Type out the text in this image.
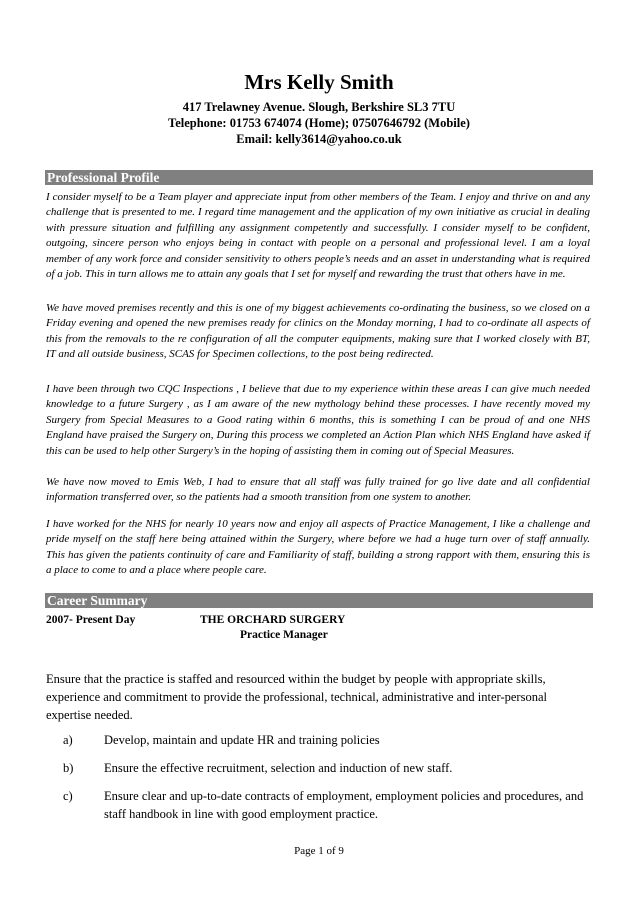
Mrs Kelly Smith
417 Trelawney Avenue. Slough, Berkshire SL3 7TU
Telephone: 01753 674074 (Home); 07507646792 (Mobile)
Email: kelly3614@yahoo.co.uk
Professional Profile

I consider myself to be a Team player and appreciate input from other members of the Team. I enjoy and thrive on and any challenge that is presented to me. I regard time management and the application of my own initiative as crucial in dealing with pressure situation and fulfilling any assignment competently and successfully. I consider myself to be confident, outgoing, sincere person who enjoys being in contact with people on a personal and professional level. I am a loyal member of any work force and consider sensitivity to others people’s needs and an asset in understanding what is required of a job. This in turn allows me to attain any goals that I set for myself and rewarding the trust that others have in me.

We have moved premises recently and this is one of my biggest achievements co-ordinating the business, so we closed on a Friday evening and opened the new premises ready for clinics on the Monday morning, I had to co-ordinate all aspects of this from the removals to the re configuration of all the computer equipments, making sure that I worked closely with BT, IT and all outside business, SCAS for Specimen collections, to the post being redirected.

I have been through two CQC Inspections , I believe that due to my experience within these areas I can give much needed knowledge to a future Surgery , as I am aware of the new mythology behind these processes. I have recently moved my Surgery from Special Measures to a Good rating within 6 months, this is something I can be proud of and one NHS England have praised the Surgery on, During this process we completed an Action Plan which NHS England have asked if this can be used to help other Surgery’s in the hoping of assisting them in coming out of Special Measures.

We have now moved to Emis Web, I had to ensure that all staff was fully trained for go live date and all confidential information transferred over, so the patients had a smooth transition from one system to another.

I have worked for the NHS for nearly 10 years now and enjoy all aspects of Practice Management, I like a challenge and pride myself on the staff here being attained within the Surgery, where before we had a huge turn over of staff annually. This has given the patients continuity of care and Familiarity of staff, building a strong rapport with them, ensuring this is a place to come to and a place where people care.

Career Summary
2007- Present Day	THE ORCHARD SURGERY
Practice Manager

Ensure that the practice is staffed and resourced within the budget by people with appropriate skills, experience and commitment to provide the professional, technical, administrative and inter-personal expertise needed.

a)	Develop, maintain and update HR and training policies
b) Ensure the effective recruitment, selection and induction of new staff.
c)	Ensure clear and up-to-date contracts of employment, employment policies and procedures, and staff handbook in line with good employment practice.
Page 1 of 9
